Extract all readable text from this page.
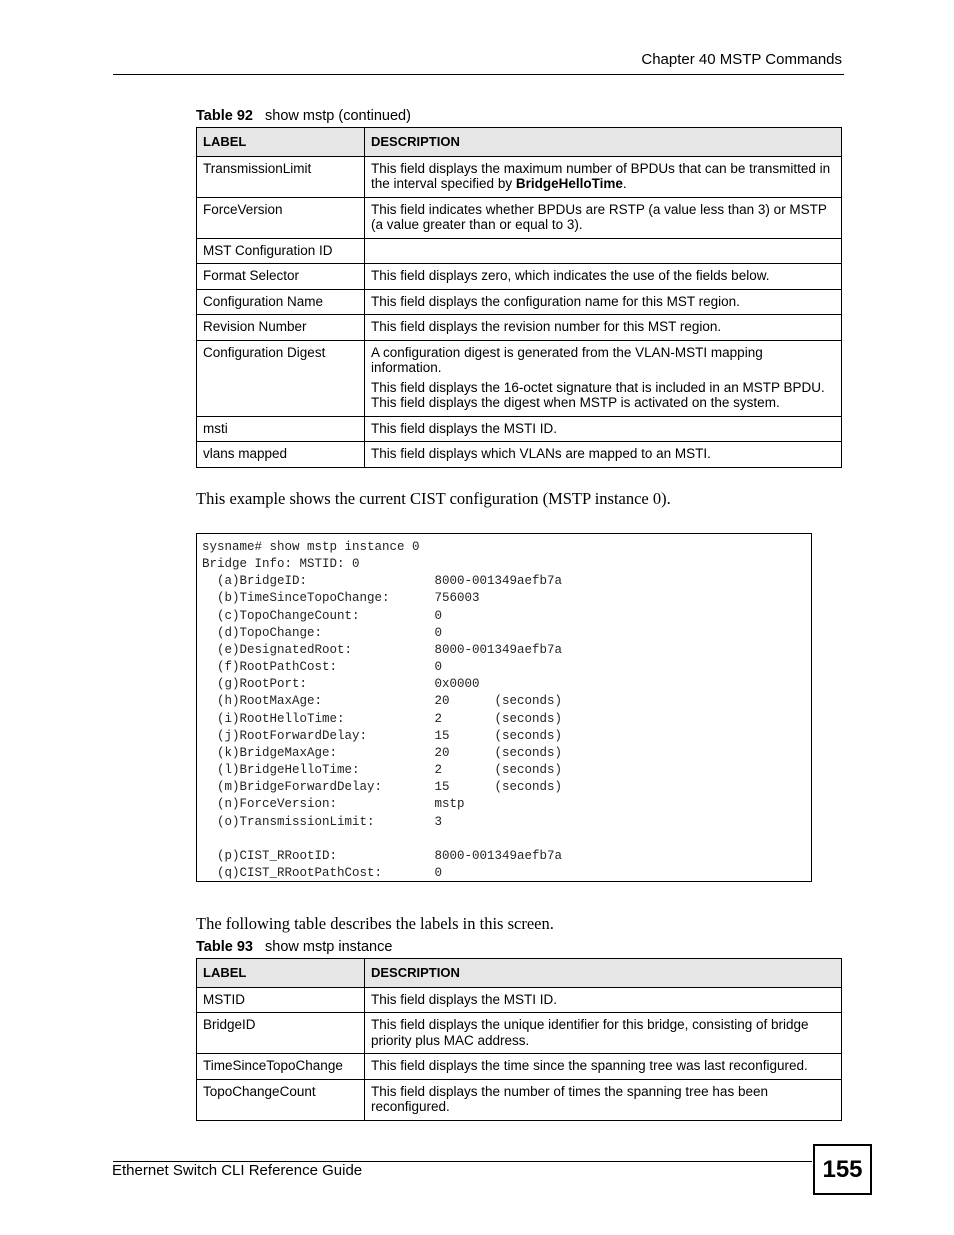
Chapter 40 MSTP Commands
Table 92 show mstp (continued)
LABEL	DESCRIPTION
TransmissionLimit	This field displays the maximum number of BPDUs that can be transmitted in the interval specified by BridgeHelloTime.
ForceVersion	This field indicates whether BPDUs are RSTP (a value less than 3) or MSTP (a value greater than or equal to 3).
MST Configuration ID	
Format Selector	This field displays zero, which indicates the use of the fields below.
Configuration Name	This field displays the configuration name for this MST region.
Revision Number	This field displays the revision number for this MST region.
Configuration Digest	A configuration digest is generated from the VLAN-MSTI mapping information.

This field displays the 16-octet signature that is included in an MSTP BPDU. This field displays the digest when MSTP is activated on the system.

msti	This field displays the MSTI ID.
vlans mapped	This field displays which VLANs are mapped to an MSTI.
This example shows the current CIST configuration (MSTP instance 0).
sysname# show mstp instance 0
Bridge Info: MSTID: 0
(a)BridgeID:                 8000-001349aefb7a
(b)TimeSinceTopoChange:      756003
(c)TopoChangeCount:          0
(d)TopoChange:               0
(e)DesignatedRoot:           8000-001349aefb7a
(f)RootPathCost:             0
(g)RootPort:                 0x0000
(h)RootMaxAge:               20      (seconds)
(i)RootHelloTime:            2       (seconds)
(j)RootForwardDelay:         15      (seconds)
(k)BridgeMaxAge:             20      (seconds)
(l)BridgeHelloTime:          2       (seconds)
(m)BridgeForwardDelay:       15      (seconds)
(n)ForceVersion:             mstp
(o)TransmissionLimit:        3

(p)CIST_RRootID:             8000-001349aefb7a
(q)CIST_RRootPathCost:       0
The following table describes the labels in this screen.
Table 93 show mstp instance
LABEL	DESCRIPTION
MSTID	This field displays the MSTI ID.
BridgeID	This field displays the unique identifier for this bridge, consisting of bridge priority plus MAC address.
TimeSinceTopoChange	This field displays the time since the spanning tree was last reconfigured.
TopoChangeCount	This field displays the number of times the spanning tree has been reconfigured.
Ethernet Switch CLI Reference Guide	155
